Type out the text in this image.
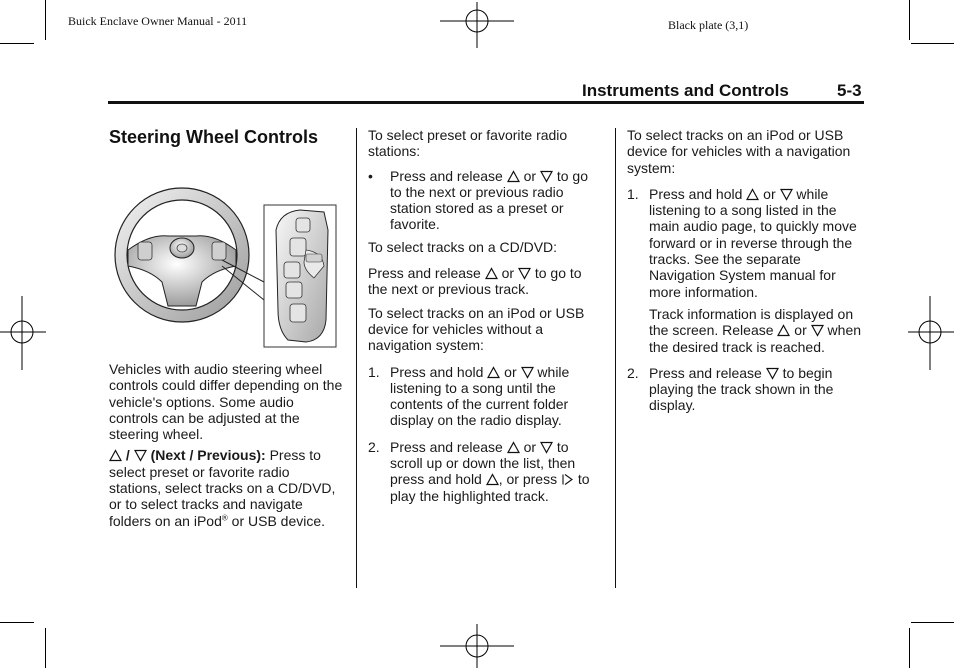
Buick Enclave Owner Manual - 2011	Black plate (3,1)
Instruments and Controls	5-3
Steering Wheel Controls

Vehicles with audio steering wheel controls could differ depending on the vehicle's options. Some audio controls can be adjusted at the steering wheel.

/  (Next / Previous): Press to select preset or favorite radio stations, select tracks on a CD/DVD, or to select tracks and navigate folders on an iPod® or USB device.

To select preset or favorite radio stations:

• Press and release  or  to go to the next or previous radio station stored as a preset or favorite.

To select tracks on a CD/DVD:

Press and release  or  to go to the next or previous track.

To select tracks on an iPod or USB device for vehicles without a navigation system:

1. Press and hold  or  while listening to a song until the contents of the current folder display on the radio display.
2. Press and release  or  to scroll up or down the list, then press and hold , or press  to play the highlighted track.

To select tracks on an iPod or USB device for vehicles with a navigation system:

1. Press and hold  or  while listening to a song listed in the main audio page, to quickly move forward or in reverse through the tracks. See the separate Navigation System manual for more information.
Track information is displayed on the screen. Release  or  when the desired track is reached.
2. Press and release  to begin playing the track shown in the display.
